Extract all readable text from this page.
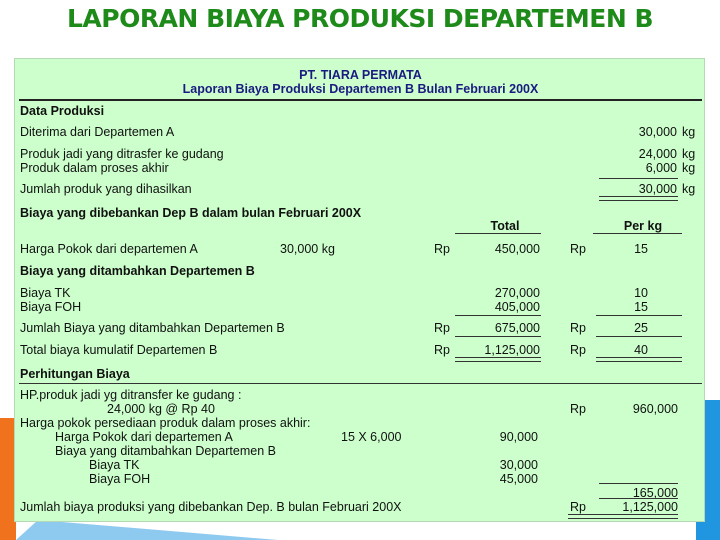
LAPORAN BIAYA PRODUKSI DEPARTEMEN B
PT. TIARA PERMATA
Laporan Biaya Produksi Departemen B Bulan Februari 200X
Data Produksi
Diterima dari Departemen A	30,000 kg
Produk jadi yang ditrasfer ke gudang	24,000 kg
Produk dalam proses akhir	6,000 kg
Jumlah produk yang dihasilkan	30,000 kg
Biaya yang dibebankan Dep B dalam bulan Februari 200X
Total	Per kg
Harga Pokok dari departemen A	30,000 kg	Rp	450,000 Rp	15
Biaya yang ditambahkan Departemen B
Biaya TK	270,000	10
Biaya FOH	405,000	15
Jumlah Biaya yang ditambahkan Departemen B	Rp	675,000 Rp	25
Total biaya kumulatif Departemen B	Rp	1,125,000 Rp	40
Perhitungan Biaya
HP.produk jadi yg ditransfer ke gudang :
24,000 kg @ Rp 40	Rp	960,000
Harga pokok persediaan produk dalam proses akhir:
Harga Pokok dari departemen A	15 X 6,000	90,000
Biaya yang ditambahkan Departemen B
Biaya TK	30,000
Biaya FOH	45,000
165,000
Jumlah biaya produksi yang dibebankan Dep. B bulan Februari 200X	Rp	1,125,000
